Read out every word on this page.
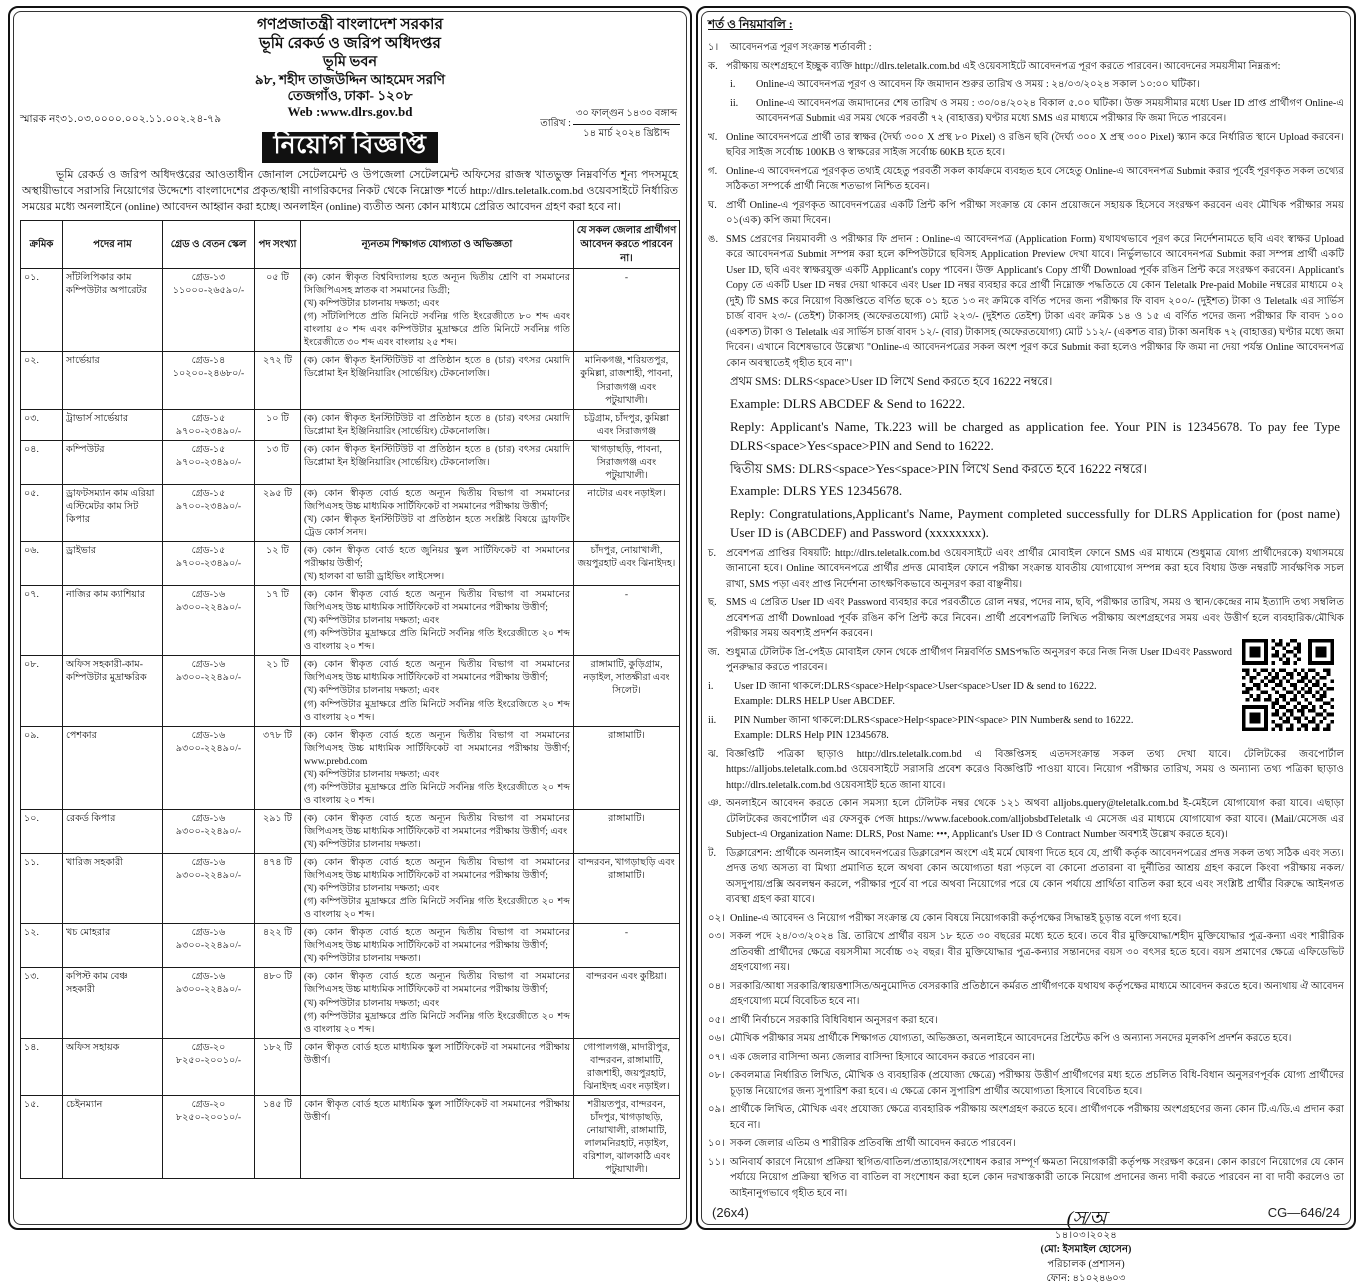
গণপ্রজাতন্ত্রী বাংলাদেশ সরকার
ভূমি রেকর্ড ও জরিপ অধিদপ্তর
ভূমি ভবন
৯৮, শহীদ তাজউদ্দিন আহমেদ সরণি
তেজগাঁও, ঢাকা- ১২০৮
Web :www.dlrs.gov.bd
স্মারক নং৩১.০৩.০০০০.০০২.১১.০০২.২৪-৭৯	তারিখ : $\frac{\text{৩০ ফাল্গুন ১৪৩০ বঙ্গাব্দ}}{\text{১৪ মার্চ ২০২৪ খ্রিষ্টাব্দ}}$
নিয়োগ বিজ্ঞপ্তি

ভূমি রেকর্ড ও জরিপ অধিদপ্তরের আওতাধীন জোনাল সেটেলমেন্ট ও উপজেলা সেটেলমেন্ট অফিসের রাজস্ব খাতভুক্ত নিম্নবর্ণিত শূন্য পদসমূহে অস্থায়ীভাবে সরাসরি নিয়োগের উদ্দেশ্যে বাংলাদেশের প্রকৃত/স্থায়ী নাগরিকদের নিকট থেকে নিম্নোক্ত শর্তে http://dlrs.teletalk.com.bd ওয়েবসাইটে নির্ধারিত সময়ের মধ্যে অনলাইনে (online) আবেদন আহ্বান করা হচ্ছে। অনলাইন (online) ব্যতীত অন্য কোন মাধ্যমে প্রেরিত আবেদন গ্রহণ করা হবে না।

ক্রমিক	পদের নাম	গ্রেড ও বেতন স্কেল	পদ সংখ্যা	ন্যূনতম শিক্ষাগত যোগ্যতা ও অভিজ্ঞতা	যে সকল জেলার প্রার্থীগণ আবেদন করতে পারবেন না।
০১.	সাঁটলিপিকার কাম কম্পিউটার অপারেটর	গ্রেড-১৩
১১০০০-২৬৫৯০/-	০৫ টি	(ক) কোন স্বীকৃত বিশ্ববিদ্যালয় হতে অন্যূন দ্বিতীয় শ্রেণি বা সমমানের সিজিপিএসহ স্নাতক বা সমমানের ডিগ্রী;
(খ) কম্পিউটার চালনায় দক্ষতা; এবং
(গ) সাঁটলিপিতে প্রতি মিনিটে সর্বনিম্ন গতি ইংরেজীতে ৮০ শব্দ এবং বাংলায় ৫০ শব্দ এবং কম্পিউটার মুদ্রাক্ষরে প্রতি মিনিটে সর্বনিম্ন গতি ইংরেজীতে ৩০ শব্দ এবং বাংলায় ২৫ শব্দ।	-
০২.	সার্ভেয়ার	গ্রেড-১৪
১০২০০-২৪৬৮০/-	২৭২ টি	(ক) কোন স্বীকৃত ইনস্টিটিউট বা প্রতিষ্ঠান হতে ৪ (চার) বৎসর মেয়াদি ডিপ্লোমা ইন ইঞ্জিনিয়ারিং (সার্ভেয়িং) টেকনোলজি।	মানিকগঞ্জ, শরিয়তপুর, কুমিল্লা, রাজশাহী, পাবনা, সিরাজগঞ্জ এবং পটুয়াখালী।
০৩.	ট্রাভার্স সার্ভেয়ার	গ্রেড-১৫
৯৭০০-২৩৪৯০/-	১০ টি	(ক) কোন স্বীকৃত ইনস্টিটিউট বা প্রতিষ্ঠান হতে ৪ (চার) বৎসর মেয়াদি ডিপ্লোমা ইন ইঞ্জিনিয়ারিং (সার্ভেয়িং) টেকনোলজি।	চট্টগ্রাম, চাঁদপুর, কুমিল্লা এবং সিরাজগঞ্জ
০৪.	কম্পিউটর	গ্রেড-১৫
৯৭০০-২৩৪৯০/-	১৩ টি	(ক) কোন স্বীকৃত ইনস্টিটিউট বা প্রতিষ্ঠান হতে ৪ (চার) বৎসর মেয়াদি ডিপ্লোমা ইন ইঞ্জিনিয়ারিং (সার্ভেয়িং) টেকনোলজি।	খাগড়াছড়ি, পাবনা, সিরাজগঞ্জ এবং পটুয়াখালী।
০৫.	ড্রাফটসম্যান কাম এরিয়া এস্টিমেটর কাম সিট কিপার	গ্রেড-১৫
৯৭০০-২৩৪৯০/-	২৯৫ টি	(ক) কোন স্বীকৃত বোর্ড হতে অন্যূন দ্বিতীয় বিভাগ বা সমমানের জিপিএসহ উচ্চ মাধ্যমিক সার্টিফিকেট বা সমমানের পরীক্ষায় উত্তীর্ণ;
(খ) কোন স্বীকৃত ইনস্টিটিউট বা প্রতিষ্ঠান হতে সংশ্লিষ্ট বিষয়ে ড্রাফটিং ট্রেড কোর্স সনদ।	নাটোর এবং নড়াইল।
০৬.	ড্রাইভার	গ্রেড-১৫
৯৭০০-২৩৪৯০/-	১২ টি	(ক) কোন স্বীকৃত বোর্ড হতে জুনিয়র স্কুল সার্টিফিকেট বা সমমানের পরীক্ষায় উত্তীর্ণ;
(খ) হালকা বা ভারী ড্রাইভিং লাইসেন্স।	চাঁদপুর, নোয়াখালী, জয়পুরহাট এবং ঝিনাইদহ।
০৭.	নাজির কাম ক্যাশিয়ার	গ্রেড-১৬
৯৩০০-২২৪৯০/-	১৭ টি	(ক) কোন স্বীকৃত বোর্ড হতে অন্যূন দ্বিতীয় বিভাগ বা সমমানের জিপিএসহ উচ্চ মাধ্যমিক সার্টিফিকেট বা সমমানের পরীক্ষায় উত্তীর্ণ;
(খ) কম্পিউটার চালনায় দক্ষতা; এবং
(গ) কম্পিউটার মুদ্রাক্ষরে প্রতি মিনিটে সর্বনিম্ন গতি ইংরেজীতে ২০ শব্দ ও বাংলায় ২০ শব্দ।	-
০৮.	অফিস সহকারী-কাম- কম্পিউটার মুদ্রাক্ষরিক	গ্রেড-১৬
৯৩০০-২২৪৯০/-	২১ টি	(ক) কোন স্বীকৃত বোর্ড হতে অন্যূন দ্বিতীয় বিভাগ বা সমমানের জিপিএসহ উচ্চ মাধ্যমিক সার্টিফিকেট বা সমমানের পরীক্ষায় উত্তীর্ণ;
(খ) কম্পিউটার চালনায় দক্ষতা; এবং
(গ) কম্পিউটার মুদ্রাক্ষরে প্রতি মিনিটে সর্বনিম্ন গতি ইংরেজিতে ২০ শব্দ ও বাংলায় ২০ শব্দ।	রাঙ্গামাটি, কুড়িগ্রাম, নড়াইল, সাতক্ষীরা এবং সিলেট।
০৯.	পেশকার	গ্রেড-১৬
৯৩০০-২২৪৯০/-	৩৭৮ টি	(ক) কোন স্বীকৃত বোর্ড হতে অন্যূন দ্বিতীয় বিভাগ বা সমমানের জিপিএসহ উচ্চ মাধ্যমিক সার্টিফিকেট বা সমমানের পরীক্ষায় উত্তীর্ণ; www.prebd.com
(খ) কম্পিউটার চালনায় দক্ষতা; এবং
(গ) কম্পিউটার মুদ্রাক্ষরে প্রতি মিনিটে সর্বনিম্ন গতি ইংরেজীতে ২০ শব্দ ও বাংলায় ২০ শব্দ।	রাঙ্গামাটি।
১০.	রেকর্ড কিপার	গ্রেড-১৬
৯৩০০-২২৪৯০/-	২৯১ টি	(ক) কোন স্বীকৃত বোর্ড হতে অন্যূন দ্বিতীয় বিভাগ বা সমমানের জিপিএসহ উচ্চ মাধ্যমিক সার্টিফিকেট বা সমমানের পরীক্ষায় উত্তীর্ণ; এবং
(খ) কম্পিউটার চালনায় দক্ষতা।	রাঙ্গামাটি।
১১.	খারিজ সহকারী	গ্রেড-১৬
৯৩০০-২২৪৯০/-	৪৭৪ টি	(ক) কোন স্বীকৃত বোর্ড হতে অন্যূন দ্বিতীয় বিভাগ বা সমমানের জিপিএসহ উচ্চ মাধ্যমিক সার্টিফিকেট বা সমমানের পরীক্ষায় উত্তীর্ণ;
(খ) কম্পিউটার চালনায় দক্ষতা; এবং
(গ) কম্পিউটার মুদ্রাক্ষরে প্রতি মিনিটে সর্বনিম্ন গতি ইংরেজীতে ২০ শব্দ ও বাংলায় ২০ শব্দ।	বান্দরবন, খাগড়াছড়ি এবং রাঙ্গামাটি।
১২.	খচ মোহরার	গ্রেড-১৬
৯৩০০-২২৪৯০/-	৪২২ টি	(ক) কোন স্বীকৃত বোর্ড হতে অন্যূন দ্বিতীয় বিভাগ বা সমমানের জিপিএসহ উচ্চ মাধ্যমিক সার্টিফিকেট বা সমমানের পরীক্ষায় উত্তীর্ণ;
(খ) কম্পিউটার চালনায় দক্ষতা।	-
১৩.	কপিস্ট কাম বেঞ্চ সহকারী	গ্রেড-১৬
৯৩০০-২২৪৯০/-	৪৮০ টি	(ক) কোন স্বীকৃত বোর্ড হতে অন্যূন দ্বিতীয় বিভাগ বা সমমানের জিপিএসহ উচ্চ মাধ্যমিক সার্টিফিকেট বা সমমানের পরীক্ষায় উত্তীর্ণ;
(খ) কম্পিউটার চালনায় দক্ষতা; এবং
(গ) কম্পিউটার মুদ্রাক্ষরে প্রতি মিনিটে সর্বনিম্ন গতি ইংরেজীতে ২০ শব্দ ও বাংলায় ২০ শব্দ।	বান্দরবন এবং কুষ্টিয়া।
১৪.	অফিস সহায়ক	গ্রেড-২০
৮২৫০-২০০১০/-	১৮২ টি	কোন স্বীকৃত বোর্ড হতে মাধ্যমিক স্কুল সার্টিফিকেট বা সমমানের পরীক্ষায় উত্তীর্ণ।	গোপালগঞ্জ, মাদারীপুর, বান্দরবন, রাঙ্গামাটি, রাজশাহী, জয়পুরহাট, ঝিনাইদহ এবং নড়াইল।
১৫.	চেইনম্যান	গ্রেড-২০
৮২৫০-২০০১০/-	১৪৫ টি	কোন স্বীকৃত বোর্ড হতে মাধ্যমিক স্কুল সার্টিফিকেট বা সমমানের পরীক্ষায় উত্তীর্ণ।	শরীয়তপুর, বান্দরবন, চাঁদপুর, খাগড়াছড়ি, নোয়াখালী, রাঙ্গামাটি, লালমনিরহাট, নড়াইল, বরিশাল, ঝালকাঠি এবং পটুয়াখালী।
শর্ত ও নিয়মাবলি :
১।	আবেদনপত্র পূরণ সংক্রান্ত শর্তাবলী :
ক. পরীক্ষায় অংশগ্রহণে ইচ্ছুক ব্যক্তি http://dlrs.teletalk.com.bd এই ওয়েবসাইটে আবেদনপত্র পূরণ করতে পারবেন। আবেদনের সময়সীমা নিম্নরূপ:
i.	Online-এ আবেদনপত্র পূরণ ও আবেদন ফি জমাদান শুরুর তারিখ ও সময় : ২৪/০৩/২০২৪ সকাল ১০:০০ ঘটিকা।
ii.	Online-এ আবেদনপত্র জমাদানের শেষ তারিখ ও সময় : ৩০/০৪/২০২৪ বিকাল ৫.০০ ঘটিকা। উক্ত সময়সীমার মধ্যে User ID প্রাপ্ত প্রার্থীগণ Online-এ আবেদনপত্র Submit এর সময় থেকে পরবর্তী ৭২ (বাহাত্তর) ঘণ্টার মধ্যে SMS এর মাধ্যমে পরীক্ষার ফি জমা দিতে পারবেন।
খ. Online আবেদনপত্রে প্রার্থী তার স্বাক্ষর (দৈর্ঘ্য ৩০০ X প্রস্থ ৮০ Pixel) ও রঙিন ছবি (দৈর্ঘ্য ৩০০ X প্রস্থ ৩০০ Pixel) স্ক্যান করে নির্ধারিত স্থানে Upload করবেন। ছবির সাইজ সর্বোচ্চ 100KB ও স্বাক্ষরের সাইজ সর্বোচ্চ 60KB হতে হবে।
গ. Online-এ আবেদনপত্রে পূরণকৃত তথ্যই যেহেতু পরবর্তী সকল কার্যক্রমে ব্যবহৃত হবে সেহেতু Online-এ আবেদনপত্র Submit করার পূর্বেই পূরণকৃত সকল তথ্যের সঠিকতা সম্পর্কে প্রার্থী নিজে শতভাগ নিশ্চিত হবেন।
ঘ. প্রার্থী Online-এ পূরণকৃত আবেদনপত্রের একটি প্রিন্ট কপি পরীক্ষা সংক্রান্ত যে কোন প্রয়োজনে সহায়ক হিসেবে সংরক্ষণ করবেন এবং মৌখিক পরীক্ষার সময় ০১(এক) কপি জমা দিবেন।
ঙ. SMS প্রেরণের নিয়মাবলী ও পরীক্ষার ফি প্রদান : Online-এ আবেদনপত্র (Application Form) যথাযথভাবে পূরণ করে নির্দেশনামতে ছবি এবং স্বাক্ষর Upload করে আবেদনপত্র Submit সম্পন্ন করা হলে কম্পিউটারে ছবিসহ Application Preview দেখা যাবে। নির্ভুলভাবে আবেদনপত্র Submit করা সম্পন্ন প্রার্থী একটি User ID, ছবি এবং স্বাক্ষরযুক্ত একটি Applicant's copy পাবেন। উক্ত Applicant's Copy প্রার্থী Download পূর্বক রঙিন প্রিন্ট করে সংরক্ষণ করবেন। Applicant's Copy তে একটি User ID নম্বর দেয়া থাকবে এবং User ID নম্বর ব্যবহার করে প্রার্থী নিম্নোক্ত পদ্ধতিতে যে কোন Teletalk Pre-paid Mobile নম্বরের মাধ্যমে ০২ (দুই) টি SMS করে নিয়োগ বিজ্ঞপ্তিতে বর্ণিত ছকে ০১ হতে ১৩ নং ক্রমিকে বর্ণিত পদের জন্য পরীক্ষার ফি বাবদ ২০০/- (দুইশত) টাকা ও Teletalk এর সার্ভিস চার্জ বাবদ ২৩/- (তেইশ) টাকাসহ (অফেরতযোগ্য) মোট ২২৩/- (দুইশত তেইশ) টাকা এবং ক্রমিক ১৪ ও ১৫ এ বর্ণিত পদের জন্য পরীক্ষার ফি বাবদ ১০০ (একশত) টাকা ও Teletalk এর সার্ভিস চার্জ বাবদ ১২/- (বার) টাকাসহ (অফেরতযোগ্য) মোট ১১২/- (একশত বার) টাকা অনধিক ৭২ (বাহাত্তর) ঘণ্টার মধ্যে জমা দিবেন। এখানে বিশেষভাবে উল্লেখ্য "Online-এ আবেদনপত্রের সকল অংশ পূরণ করে Submit করা হলেও পরীক্ষার ফি জমা না দেয়া পর্যন্ত Online আবেদনপত্র কোন অবস্থাতেই গৃহীত হবে না"।
প্রথম SMS: DLRS<space>User ID লিখে Send করতে হবে 16222 নম্বরে।
Example: DLRS ABCDEF & Send to 16222.
Reply: Applicant's Name, Tk.223 will be charged as application fee. Your PIN is 12345678. To pay fee Type DLRS<space>Yes<space>PIN and Send to 16222.
দ্বিতীয় SMS: DLRS<space>Yes<space>PIN লিখে Send করতে হবে 16222 নম্বরে।
Example: DLRS YES 12345678.
Reply: Congratulations,Applicant's Name, Payment completed successfully for DLRS Application for (post name) User ID is (ABCDEF) and Password (xxxxxxxx).
চ. প্রবেশপত্র প্রাপ্তির বিষয়টি: http://dlrs.teletalk.com.bd ওয়েবসাইটে এবং প্রার্থীর মোবাইল ফোনে SMS এর মাধ্যমে (শুধুমাত্র যোগ্য প্রার্থীদেরকে) যথাসময়ে জানানো হবে। Online আবেদনপত্রে প্রার্থীর প্রদত্ত মোবাইল ফোনে পরীক্ষা সংক্রান্ত যাবতীয় যোগাযোগ সম্পন্ন করা হবে বিধায় উক্ত নম্বরটি সার্বক্ষণিক সচল রাখা, SMS পড়া এবং প্রাপ্ত নির্দেশনা তাৎক্ষণিকভাবে অনুসরণ করা বাঞ্ছনীয়।
ছ. SMS এ প্রেরিত User ID এবং Password ব্যবহার করে পরবর্তীতে রোল নম্বর, পদের নাম, ছবি, পরীক্ষার তারিখ, সময় ও স্থান/কেন্দ্রের নাম ইত্যাদি তথ্য সম্বলিত প্রবেশপত্র প্রার্থী Download পূর্বক রঙিন কপি প্রিন্ট করে নিবেন। প্রার্থী প্রবেশপত্রটি লিখিত পরীক্ষায় অংশগ্রহণের সময় এবং উত্তীর্ণ হলে ব্যবহারিক/মৌখিক পরীক্ষার সময় অবশ্যই প্রদর্শন করবেন।
জ. শুধুমাত্র টেলিটক প্রি-পেইড মোবাইল ফোন থেকে প্রার্থীগণ নিম্নবর্ণিত SMSপদ্ধতি অনুসরণ করে নিজ নিজ User IDএবং Password পুনরুদ্ধার করতে পারবেন।
i.	User ID জানা থাকলে:DLRS<space>Help<space>User<space>User ID & send to 16222.
Example: DLRS HELP User ABCDEF.
ii.	PIN Number জানা থাকলে:DLRS<space>Help<space>PIN<space> PIN Number& send to 16222.
Example: DLRS Help PIN 12345678.
ঝ. বিজ্ঞপ্তিটি পত্রিকা ছাড়াও http://dlrs.teletalk.com.bd এ বিজ্ঞপ্তিসহ এতদসংক্রান্ত সকল তথ্য দেখা যাবে। টেলিটকের জবপোর্টাল https://alljobs.teletalk.com.bd ওয়েবসাইটে সরাসরি প্রবেশ করেও বিজ্ঞপ্তিটি পাওয়া যাবে। নিয়োগ পরীক্ষার তারিখ, সময় ও অন্যান্য তথ্য পত্রিকা ছাড়াও http://dlrs.teletalk.com.bd ওয়েবসাইট হতে জানা যাবে।
ঞ. অনলাইনে আবেদন করতে কোন সমস্যা হলে টেলিটক নম্বর থেকে ১২১ অথবা alljobs.query@teletalk.com.bd ই-মেইলে যোগাযোগ করা যাবে। এছাড়া টেলিটকের জবপোর্টাল এর ফেসবুক পেজ https://www.facebook.com/alljobsbdTeletalk এ মেসেজ এর মাধ্যমে যোগাযোগ করা যাবে। (Mail/মেসেজ এর Subject-এ Organization Name: DLRS, Post Name: •••, Applicant's User ID ও Contract Number অবশ্যই উল্লেখ করতে হবে)।
ট. ডিক্লারেশন: প্রার্থীকে অনলাইন আবেদনপত্রের ডিক্লারেশন অংশে এই মর্মে ঘোষণা দিতে হবে যে, প্রার্থী কর্তৃক আবেদনপত্রের প্রদত্ত সকল তথ্য সঠিক এবং সত্য। প্রদত্ত তথ্য অসত্য বা মিথ্যা প্রমাণিত হলে অথবা কোন অযোগ্যতা ধরা পড়লে বা কোনো প্রতারনা বা দুর্নীতির আশ্রয় গ্রহণ করলে কিংবা পরীক্ষায় নকল/অসদুপায়/প্রক্সি অবলম্বন করলে, পরীক্ষার পূর্বে বা পরে অথবা নিয়োগের পরে যে কোন পর্যায়ে প্রার্থিতা বাতিল করা হবে এবং সংশ্লিষ্ট প্রার্থীর বিরুদ্ধে আইনগত ব্যবস্থা গ্রহণ করা যাবে।
০২। Online-এ আবেদন ও নিয়োগ পরীক্ষা সংক্রান্ত যে কোন বিষয়ে নিয়োগকারী কর্তৃপক্ষের সিদ্ধান্তই চূড়ান্ত বলে গণ্য হবে।
০৩। সকল পদে ২৪/০৩/২০২৪ খ্রি. তারিখে প্রার্থীর বয়স ১৮ হতে ৩০ বছরের মধ্যে হতে হবে। তবে বীর মুক্তিযোদ্ধা/শহীদ মুক্তিযোদ্ধার পুত্র-কন্যা এবং শারীরিক প্রতিবন্ধী প্রার্থীদের ক্ষেত্রে বয়সসীমা সর্বোচ্চ ৩২ বছর। বীর মুক্তিযোদ্ধার পুত্র-কন্যার সন্তানদের বয়স ৩০ বৎসর হতে হবে। বয়স প্রমাণের ক্ষেত্রে এফিডেভিট গ্রহণযোগ্য নয়।
০৪। সরকারি/আধা সরকারি/স্বায়ত্তশাসিত/অনুমোদিত বেসরকারি প্রতিষ্ঠানে কর্মরত প্রার্থীগণকে যথাযথ কর্তৃপক্ষের মাধ্যমে আবেদন করতে হবে। অন্যথায় ঐ আবেদন গ্রহণযোগ্য মর্মে বিবেচিত হবে না।
০৫। প্রার্থী নির্বাচনে সরকারি বিধিবিধান অনুসরণ করা হবে।
০৬। মৌখিক পরীক্ষার সময় প্রার্থীকে শিক্ষাগত যোগ্যতা, অভিজ্ঞতা, অনলাইনে আবেদনের প্রিন্টেড কপি ও অন্যান্য সনদের মূলকপি প্রদর্শন করতে হবে।
০৭। এক জেলার বাসিন্দা অন্য জেলার বাসিন্দা হিসাবে আবেদন করতে পারবেন না।
০৮। কেবলমাত্র নির্ধারিত লিখিত, মৌখিক ও ব্যবহারিক (প্রযোজ্য ক্ষেত্রে) পরীক্ষায় উত্তীর্ণ প্রার্থীগণের মধ্য হতে প্রচলিত বিধি-বিধান অনুসরণপূর্বক যোগ্য প্রার্থীদের চূড়ান্ত নিয়োগের জন্য সুপারিশ করা হবে। এ ক্ষেত্রে কোন সুপারিশ প্রার্থীর অযোগ্যতা হিসাবে বিবেচিত হবে।
০৯। প্রার্থীকে লিখিত, মৌখিক এবং প্রযোজ্য ক্ষেত্রে ব্যবহারিক পরীক্ষায় অংশগ্রহণ করতে হবে। প্রার্থীগণকে পরীক্ষায় অংশগ্রহণের জন্য কোন টি.এ/ডি.এ প্রদান করা হবে না।
১০। সকল জেলার এতিম ও শারীরিক প্রতিবন্ধি প্রার্থী আবেদন করতে পারবেন।
১১। অনিবার্য কারণে নিয়োগ প্রক্রিয়া স্থগিত/বাতিল/প্রত্যাহার/সংশোধন করার সম্পূর্ণ ক্ষমতা নিয়োগকারী কর্তৃপক্ষ সংরক্ষণ করেন। কোন কারণে নিয়োগের যে কোন পর্যায়ে নিয়োগ প্রক্রিয়া স্থগিত বা বাতিল বা সংশোধন করা হলে কোন দরখাস্তকারী তাকে নিয়োগ প্রদানের জন্য দাবী করতে পারবেন না বা দাবী করলেও তা আইনানুগভাবে গৃহীত হবে না।
(স/অ
১৪।০৩।২০২৪
(মো: ইসমাইল হোসেন)
পরিচালক (প্রশাসন)
ফোন: ৪১০২৪৬০৩
(26x4)	CG—646/24
